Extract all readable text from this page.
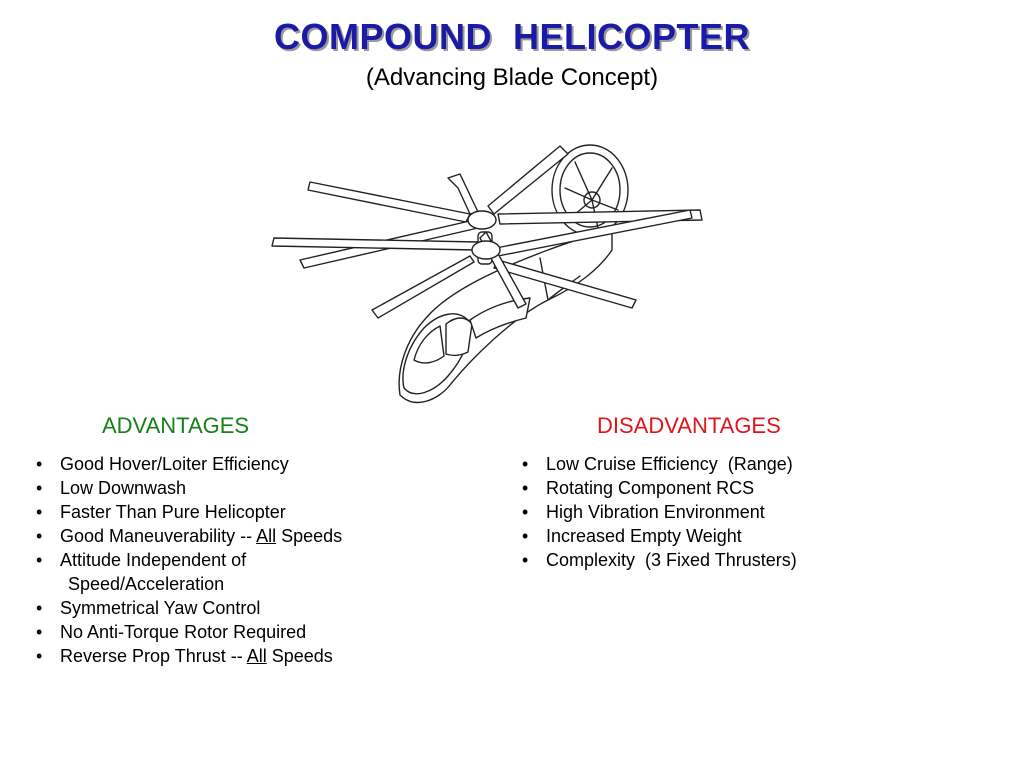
COMPOUND  HELICOPTER
(Advancing Blade Concept)
ADVANTAGES
• Good Hover/Loiter Efficiency
• Low Downwash
• Faster Than Pure Helicopter
• Good Maneuverability -- All Speeds
• Attitude Independent of
Speed/Acceleration
• Symmetrical Yaw Control
• No Anti-Torque Rotor Required
• Reverse Prop Thrust -- All Speeds
DISADVANTAGES
• Low Cruise Efficiency  (Range)
• Rotating Component RCS
• High Vibration Environment
• Increased Empty Weight
• Complexity  (3 Fixed Thrusters)
